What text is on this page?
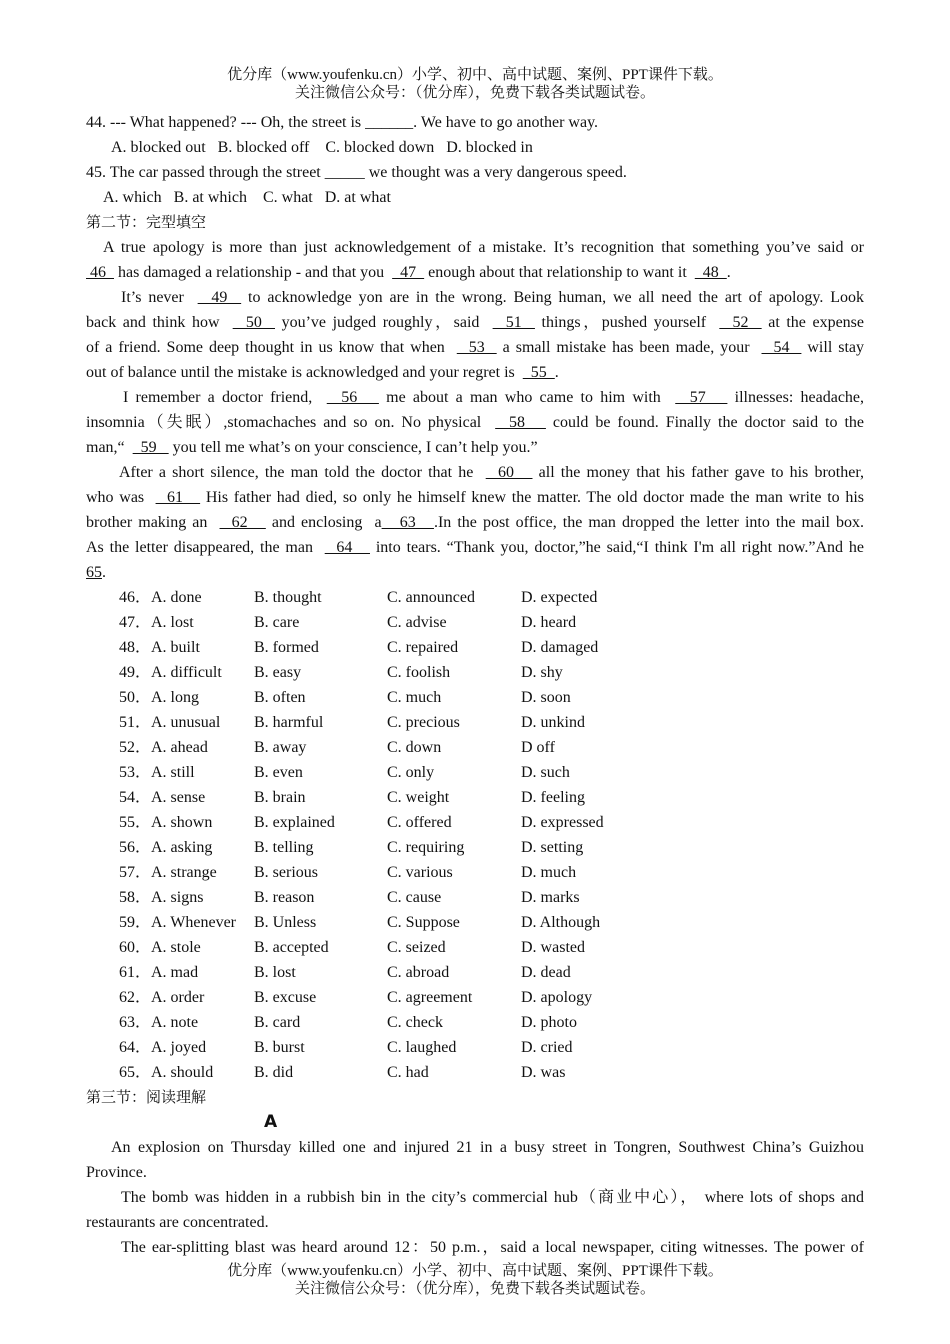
优分库（www.youfenku.cn）小学、初中、高中试题、案例、PPT课件下载。
关注微信公众号：（优分库），免费下载各类试题试卷。
44. --- What happened? --- Oh, the street is ______. We have to go another way.
A. blocked out   B. blocked off    C. blocked down   D. blocked in
45. The car passed through the street _____ we thought was a very dangerous speed.
A. which   B. at which    C. what   D. at what
第二节：完型填空
A true apology is more than just acknowledgement of a mistake. It’s recognition that something you’ve said or
46   has damaged a relationship - and that you    47   enough about that relationship to want it    48  .
It’s never    49   to acknowledge yon are in the wrong. Being human, we all need the art of apology. Look
back and think how    50   you’ve judged roughly，said    51   things，pushed yourself    52   at the expense
of a friend. Some deep thought in us know that when    53   a small mistake has been made, your    54   will stay
out of balance until the mistake is acknowledged and your regret is    55  .
I remember a doctor friend,    56    me about a man who came to him with    57    illnesses: headache,
insomnia（失眠）,stomachaches and so on. No physical    58    could be found. Finally the doctor said to the
man,“    59    you tell me what’s on your conscience, I can’t help you.”
After a short silence, the man told the doctor that he    60    all the money that his father gave to his brother,
who was    61    His father had died, so only he himself knew the matter. The old doctor made the man write to his
brother making an    62    and enclosing  a   63   .In the post office, the man dropped the letter into the mail box.
As the letter disappeared, the man    64    into tears. “Thank you, doctor,”he said,“I think I'm all right now.”And he
65.
46．A. done	B. thought	C. announced	D. expected
47．A. lost	B. care	C. advise	D. heard
48．A. built	B. formed	C. repaired	D. damaged
49．A. difficult B. easy	C. foolish	D. shy
50．A. long	B. often	C. much	D. soon
51．A. unusual B. harmful	C. precious	D. unkind
52．A. ahead	B. away	C. down	D off
53．A. still	B. even	C. only	D. such
54．A. sense	B. brain	C. weight	D. feeling
55．A. shown	B. explained	C. offered	D. expressed
56．A. asking	B. telling	C. requiring	D. setting
57．A. strange B. serious	C. various	D. much
58．A. signs	B. reason	C. cause	D. marks
59．A. Whenever B. Unless	C. Suppose	D. Although
60．A. stole	B. accepted	C. seized	D. wasted
61．A. mad	B. lost	C. abroad	D. dead
62．A. order	B. excuse	C. agreement	D. apology
63．A. note	B. card	C. check	D. photo
64．A. joyed	B. burst	C. laughed	D. cried
65．A. should	B. did	C. had	D. was
第三节：阅读理解
A
An explosion on Thursday killed one and injured 21 in a busy street in Tongren, Southwest China’s Guizhou
Province.
The bomb was hidden in a rubbish bin in the city’s commercial hub（商业中心）， where lots of shops and
restaurants are concentrated.
The ear-splitting blast was heard around 12：50 p.m.，said a local newspaper, citing witnesses. The power of
优分库（www.youfenku.cn）小学、初中、高中试题、案例、PPT课件下载。
关注微信公众号：（优分库），免费下载各类试题试卷。
